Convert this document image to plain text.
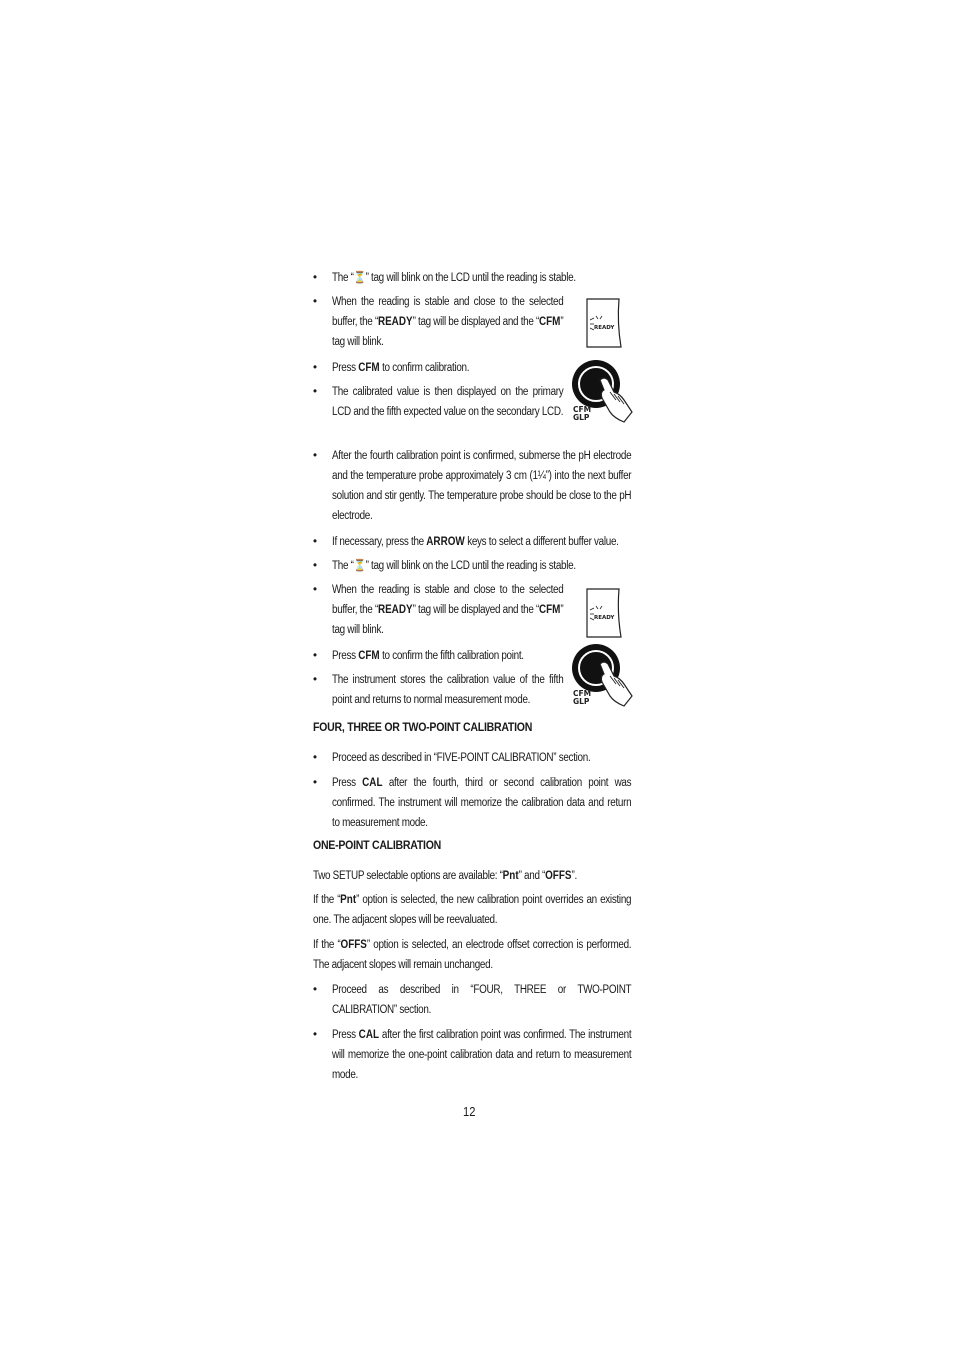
• The “⏳” tag will blink on the LCD until the reading is stable.
• When the reading is stable and close to the selected buffer, the “READY” tag will be displayed and the “CFM” tag will blink.
• Press CFM to confirm calibration.
• The calibrated value is then displayed on the primary LCD and the fifth expected value on the secondary LCD.
• After the fourth calibration point is confirmed, submerse the pH electrode and the temperature probe approximately 3 cm (1¼”) into the next buffer solution and stir gently. The temperature probe should be close to the pH electrode.
• If necessary, press the ARROW keys to select a different buffer value.
• The “⏳” tag will blink on the LCD until the reading is stable.
• When the reading is stable and close to the selected buffer, the “READY” tag will be displayed and the “CFM” tag will blink.
• Press CFM to confirm the fifth calibration point.
• The instrument stores the calibration value of the fifth point and returns to normal measurement mode.
FOUR, THREE OR TWO-POINT CALIBRATION
• Proceed as described in “FIVE-POINT CALIBRATION” section.
• Press CAL after the fourth, third or second calibration point was confirmed. The instrument will memorize the calibration data and return to measurement mode.
ONE-POINT CALIBRATION
Two SETUP selectable options are available: “Pnt” and “OFFS”.
If the “Pnt” option is selected, the new calibration point overrides an existing one. The adjacent slopes will be reevaluated.
If the “OFFS” option is selected, an electrode offset correction is performed. The adjacent slopes will remain unchanged.
• Proceed as described in “FOUR, THREE or TWO-POINT CALIBRATION” section.
• Press CAL after the first calibration point was confirmed. The instrument will memorize the one-point calibration data and return to measurement mode.
READY
CFM
GLP
READY
CFM
GLP
12
